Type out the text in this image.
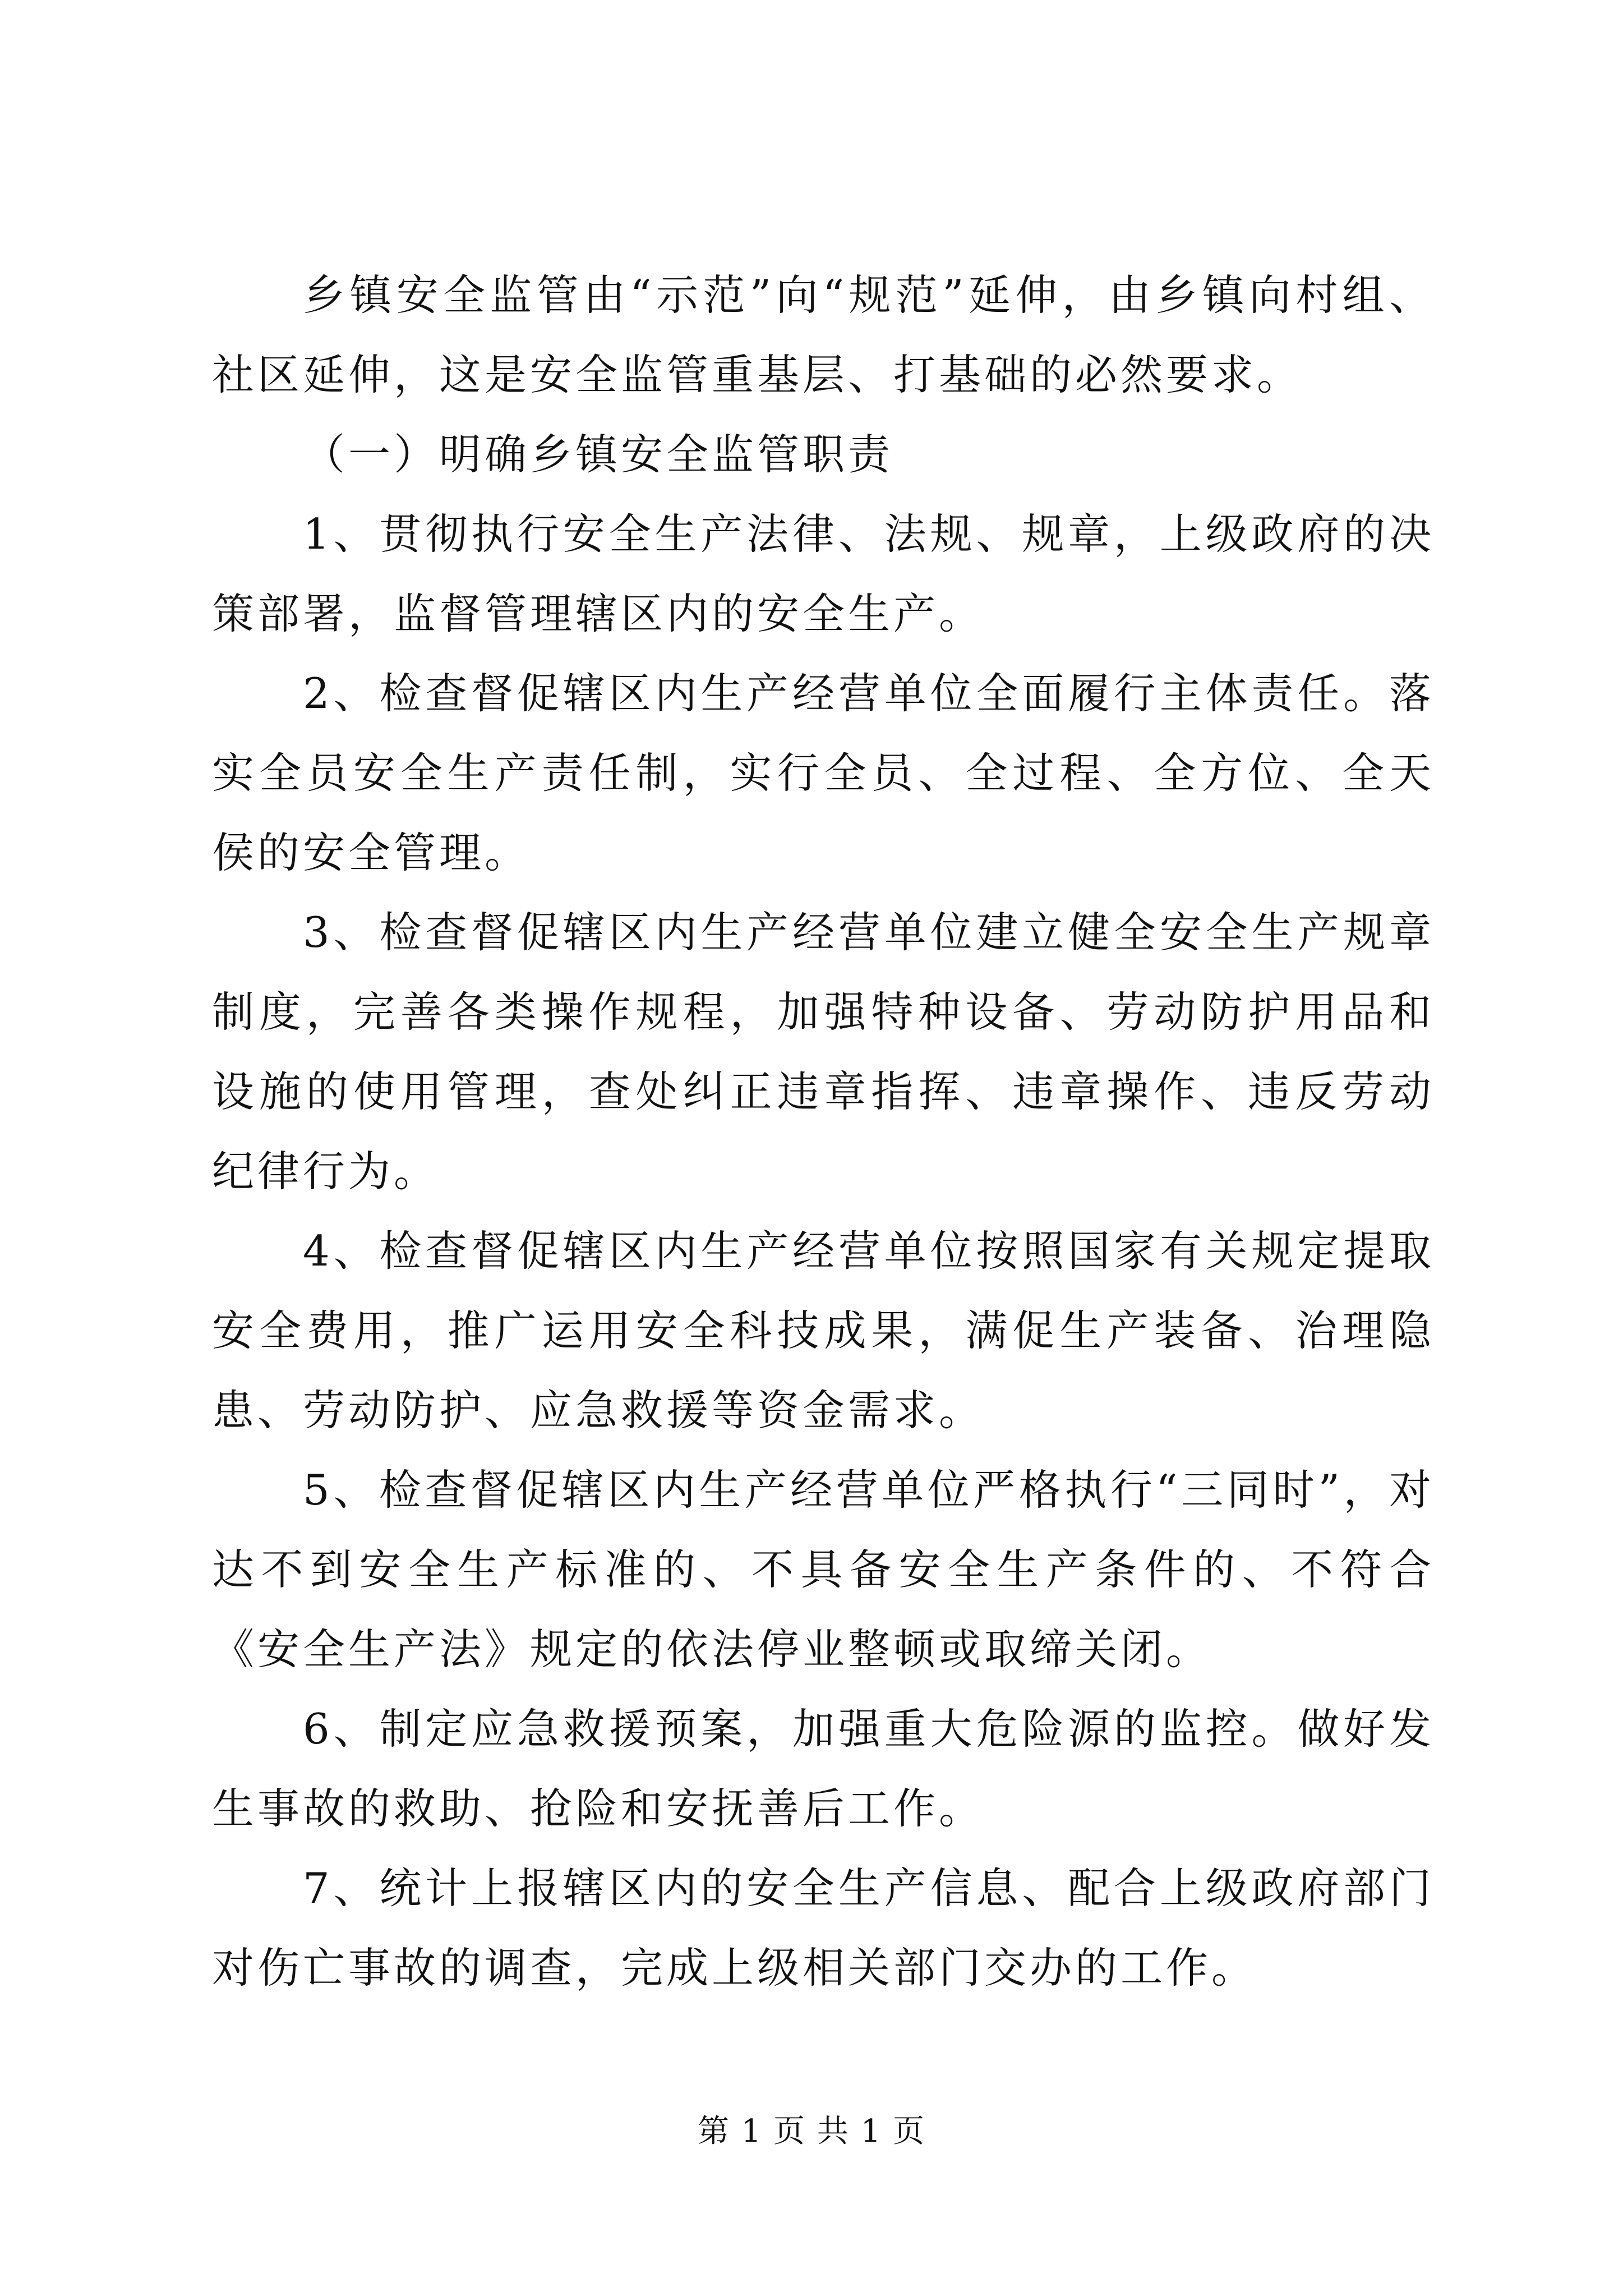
乡镇安全监管由“示范”向“规范”延伸，由乡镇向村组、社区延伸，这是安全监管重基层、打基础的必然要求。

（一）明确乡镇安全监管职责

1、贯彻执行安全生产法律、法规、规章，上级政府的决策部署，监督管理辖区内的安全生产。

2、检查督促辖区内生产经营单位全面履行主体责任。落实全员安全生产责任制，实行全员、全过程、全方位、全天侯的安全管理。

3、检查督促辖区内生产经营单位建立健全安全生产规章制度，完善各类操作规程，加强特种设备、劳动防护用品和设施的使用管理，查处纠正违章指挥、违章操作、违反劳动纪律行为。

4、检查督促辖区内生产经营单位按照国家有关规定提取安全费用，推广运用安全科技成果，满促生产装备、治理隐患、劳动防护、应急救援等资金需求。

5、检查督促辖区内生产经营单位严格执行“三同时”，对达不到安全生产标准的、不具备安全生产条件的、不符合《安全生产法》规定的依法停业整顿或取缔关闭。

6、制定应急救援预案，加强重大危险源的监控。做好发生事故的救助、抢险和安抚善后工作。

7、统计上报辖区内的安全生产信息、配合上级政府部门对伤亡事故的调查，完成上级相关部门交办的工作。

第 1 页 共 1 页
